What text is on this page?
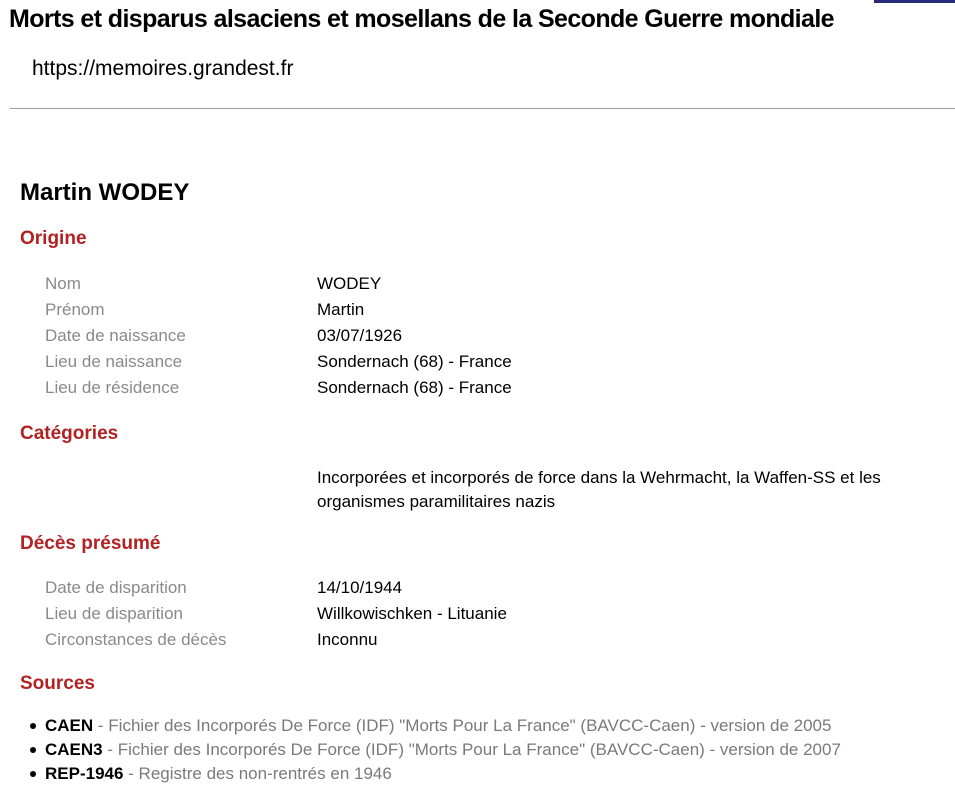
Morts et disparus alsaciens et mosellans de la Seconde Guerre mondiale
https://memoires.grandest.fr
Martin WODEY
Origine
Nom	WODEY
Prénom	Martin
Date de naissance	03/07/1926
Lieu de naissance	Sondernach (68) - France
Lieu de résidence	Sondernach (68) - France
Catégories
Incorporées et incorporés de force dans la Wehrmacht, la Waffen-SS et les organismes paramilitaires nazis
Décès présumé
Date de disparition	14/10/1944
Lieu de disparition	Willkowischken - Lituanie
Circonstances de décès	Inconnu
Sources
CAEN - Fichier des Incorporés De Force (IDF) "Morts Pour La France" (BAVCC-Caen) - version de 2005
CAEN3 - Fichier des Incorporés De Force (IDF) "Morts Pour La France" (BAVCC-Caen) - version de 2007
REP-1946 - Registre des non-rentrés en 1946
